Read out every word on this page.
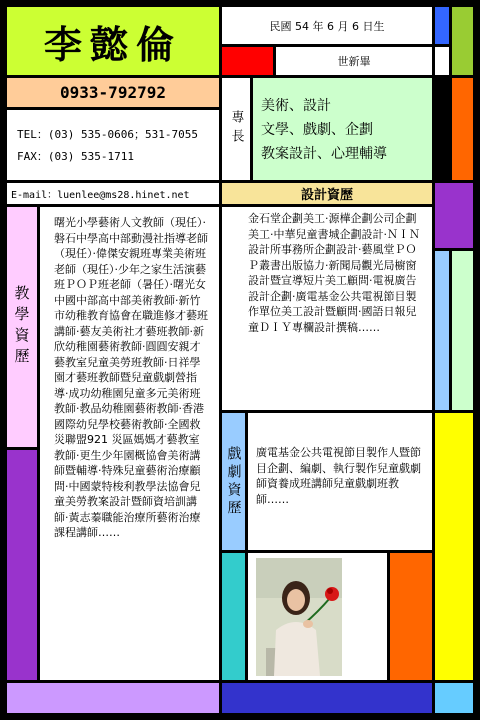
李懿倫	民國 54 年 6 月 6 日生
世新畢
0933-792792
TEL：(03) 535-0606；531-7055
FAX：(03) 535-1711
專長
美術、設計
文學、戲劇、企劃
教案設計、心理輔導
E-mail：luenlee@ms28.hinet.net	設計資歷
教學資歷
曙光小學藝術人文教師（現任）‧磐石中學高中部動漫社指導老師（現任）‧偉傑安親班專業美術班老師（現任）‧少年之家生活演藝班ＰＯＰ班老師（暑任）‧曙光女中國中部高中部美術教師‧新竹市幼稚教育協會在職進修才藝班講師‧藝友美術社才藝班教師‧新欣幼稚園藝術教師‧圓圓安親才藝教室兒童美勞班教師‧日祥學園才藝班教師暨兒童戲劇營指導‧成功幼稚園兒童多元美術班教師‧教品幼稚園藝術教師‧香港國際幼兒學校藝術教師‧全國救災聯盟921 災區媽媽才藝教室教師‧更生少年園概協會美術講師暨輔導‧特殊兒童藝術治療顧問‧中國蒙特梭利教學法協會兒童美勞教案設計暨師資培訓講師‧黃志蓁職能治療所藝術治療課程講師……
金石堂企劃美工‧源樺企劃公司企劃美工‧中華兒童書城企劃設計‧ＮＩＮ設計所事務所企劃設計‧藝風堂ＰＯＰ叢書出版協力‧新聞局觀光局櫥窗設計暨宣導短片美工顧問‧電視廣告設計企劃‧廣電基金公共電視節目製作單位美工設計暨顧問‧國語日報兒童ＤＩＹ專欄設計撰稿……
戲劇資歷 廣電基金公共電視節目製作人暨節目企劃、編劇、執行製作兒童戲劇師資養成班講師兒童戲劇班教師……
